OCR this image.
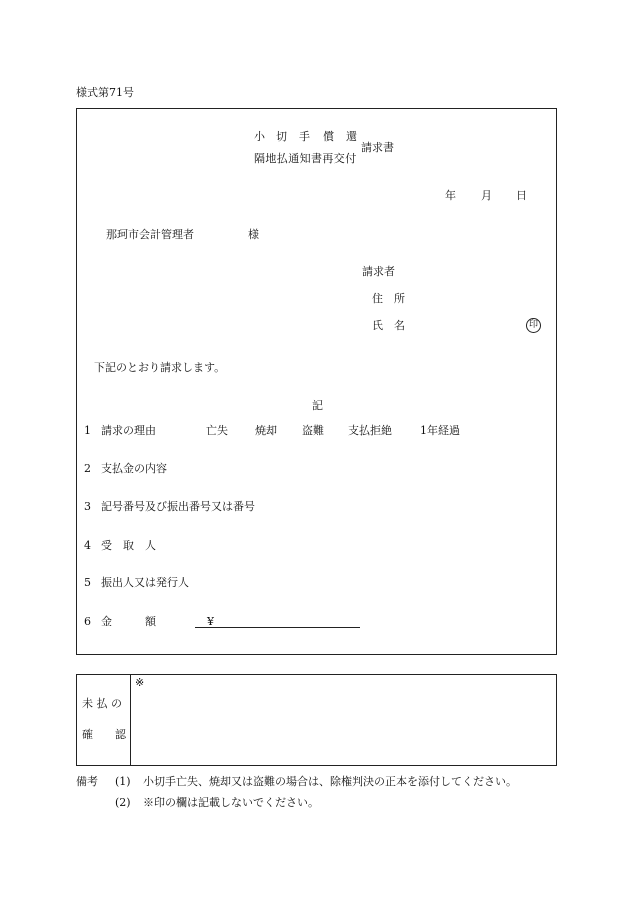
様式第71号
小 切 手 償 還
隔地払通知書再交付
請求書
年 月 日
那珂市会計管理者	様
請求者
住　所
氏　名	印
下記のとおり請求します。
記
1 請求の理由	亡失 焼却 盗難 支払拒絶	1年経過
2 支払金の内容
3 記号番号及び振出番号又は番号
4 受　取　人
5 振出人又は発行人
6 金　　　額	¥
未 払 の
確　　認
※
備考 (1) 小切手亡失、焼却又は盗難の場合は、除権判決の正本を添付してください。
(2) ※印の欄は記載しないでください。
